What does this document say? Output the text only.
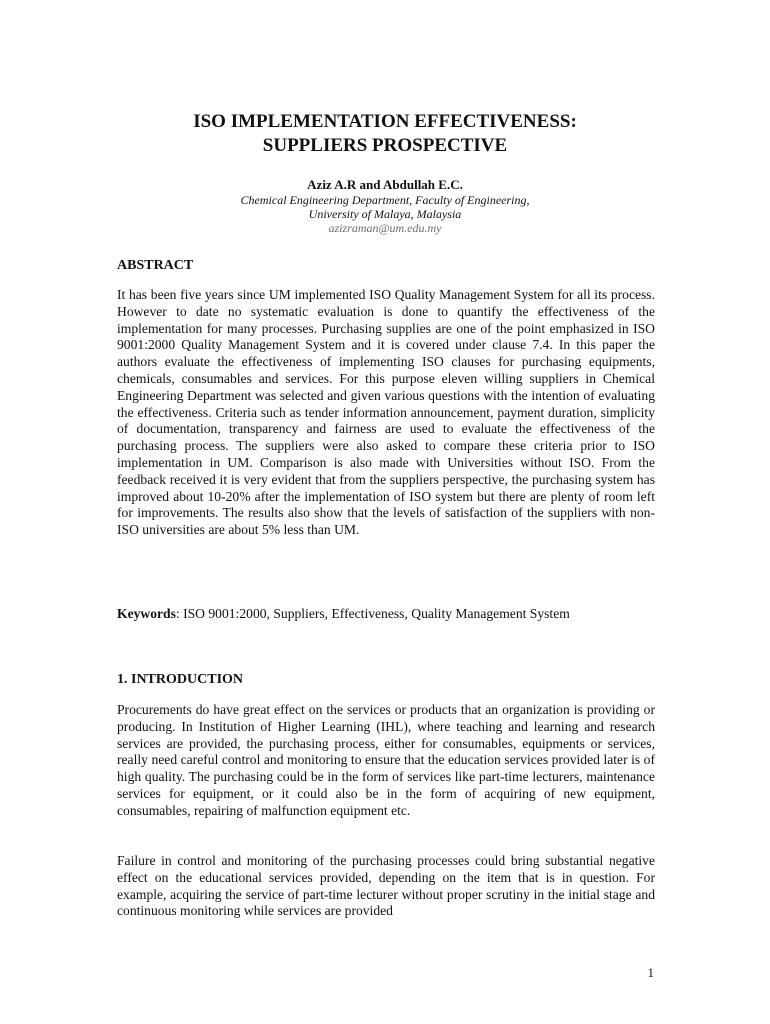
ISO IMPLEMENTATION EFFECTIVENESS:
SUPPLIERS PROSPECTIVE
Aziz A.R and Abdullah E.C.
Chemical Engineering Department, Faculty of Engineering,
University of Malaya, Malaysia
azizraman@um.edu.my
ABSTRACT

It has been five years since UM implemented ISO Quality Management System for all its process. However to date no systematic evaluation is done to quantify the effectiveness of the implementation for many processes. Purchasing supplies are one of the point emphasized in ISO 9001:2000 Quality Management System and it is covered under clause 7.4. In this paper the authors evaluate the effectiveness of implementing ISO clauses for purchasing equipments, chemicals, consumables and services. For this purpose eleven willing suppliers in Chemical Engineering Department was selected and given various questions with the intention of evaluating the effectiveness. Criteria such as tender information announcement, payment duration, simplicity of documentation, transparency and fairness are used to evaluate the effectiveness of the purchasing process. The suppliers were also asked to compare these criteria prior to ISO implementation in UM. Comparison is also made with Universities without ISO. From the feedback received it is very evident that from the suppliers perspective, the purchasing system has improved about 10-20% after the implementation of ISO system but there are plenty of room left for improvements. The results also show that the levels of satisfaction of the suppliers with non-ISO universities are about 5% less than UM.

Keywords: ISO 9001:2000, Suppliers, Effectiveness, Quality Management System
1. INTRODUCTION

Procurements do have great effect on the services or products that an organization is providing or producing. In Institution of Higher Learning (IHL), where teaching and learning and research services are provided, the purchasing process, either for consumables, equipments or services, really need careful control and monitoring to ensure that the education services provided later is of high quality. The purchasing could be in the form of services like part-time lecturers, maintenance services for equipment, or it could also be in the form of acquiring of new equipment, consumables, repairing of malfunction equipment etc.

Failure in control and monitoring of the purchasing processes could bring substantial negative effect on the educational services provided, depending on the item that is in question. For example, acquiring the service of part-time lecturer without proper scrutiny in the initial stage and continuous monitoring while services are provided

1
